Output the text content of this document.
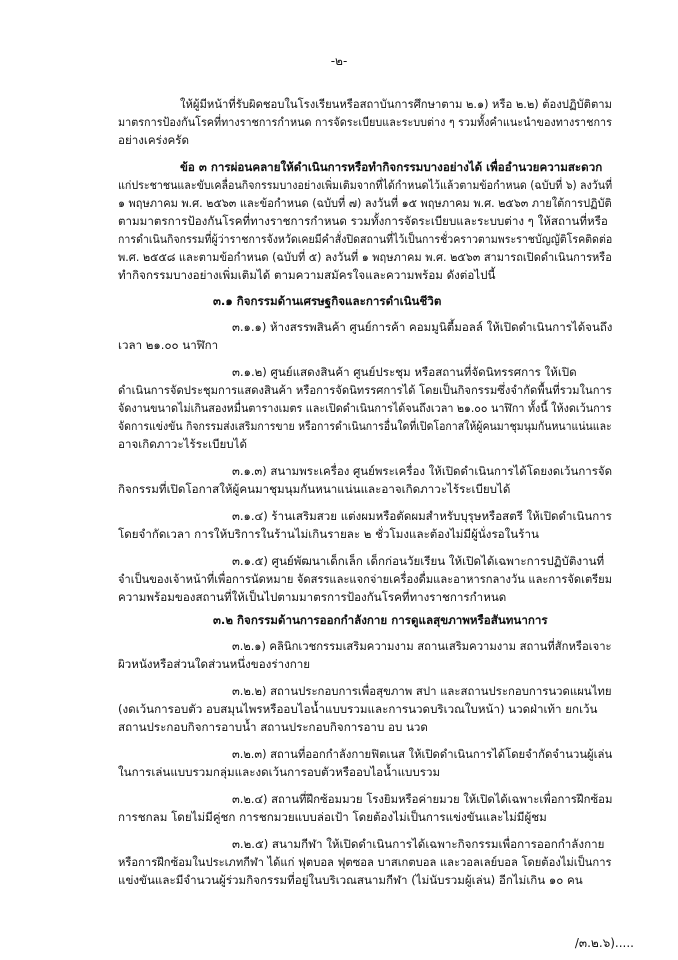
-๒-
ให้ผู้มีหน้าที่รับผิดชอบในโรงเรียนหรือสถาบันการศึกษาตาม ๒.๑) หรือ ๒.๒) ต้องปฏิบัติตาม
มาตรการป้องกันโรคที่ทางราชการกำหนด การจัดระเบียบและระบบต่าง ๆ รวมทั้งคำแนะนำของทางราชการ
อย่างเคร่งครัด
ข้อ ๓ การผ่อนคลายให้ดำเนินการหรือทำกิจกรรมบางอย่างได้ เพื่ออำนวยความสะดวก
แก่ประชาชนและขับเคลื่อนกิจกรรมบางอย่างเพิ่มเติมจากที่ได้กำหนดไว้แล้วตามข้อกำหนด (ฉบับที่ ๖) ลงวันที่
๑ พฤษภาคม พ.ศ. ๒๕๖๓ และข้อกำหนด (ฉบับที่ ๗) ลงวันที่ ๑๕ พฤษภาคม พ.ศ. ๒๕๖๓ ภายใต้การปฏิบัติ
ตามมาตรการป้องกันโรคที่ทางราชการกำหนด รวมทั้งการจัดระเบียบและระบบต่าง ๆ ให้สถานที่หรือ
การดำเนินกิจกรรมที่ผู้ว่าราชการจังหวัดเคยมีคำสั่งปิดสถานที่ไว้เป็นการชั่วคราวตามพระราชบัญญัติโรคติดต่อ
พ.ศ. ๒๕๕๘ และตามข้อกำหนด (ฉบับที่ ๕) ลงวันที่ ๑ พฤษภาคม พ.ศ. ๒๕๖๓ สามารถเปิดดำเนินการหรือ
ทำกิจกรรมบางอย่างเพิ่มเติมได้ ตามความสมัครใจและความพร้อม ดังต่อไปนี้
๓.๑ กิจกรรมด้านเศรษฐกิจและการดำเนินชีวิต
๓.๑.๑) ห้างสรรพสินค้า ศูนย์การค้า คอมมูนิตี้มอลล์ ให้เปิดดำเนินการได้จนถึง
เวลา ๒๑.๐๐ นาฬิกา
๓.๑.๒) ศูนย์แสดงสินค้า ศูนย์ประชุม หรือสถานที่จัดนิทรรศการ ให้เปิด
ดำเนินการจัดประชุมการแสดงสินค้า หรือการจัดนิทรรศการได้ โดยเป็นกิจกรรมซึ่งจำกัดพื้นที่รวมในการ
จัดงานขนาดไม่เกินสองหมื่นตารางเมตร และเปิดดำเนินการได้จนถึงเวลา ๒๑.๐๐ นาฬิกา ทั้งนี้ ให้งดเว้นการ
จัดการแข่งขัน กิจกรรมส่งเสริมการขาย หรือการดำเนินการอื่นใดที่เปิดโอกาสให้ผู้คนมาชุมนุมกันหนาแน่นและ
อาจเกิดภาวะไร้ระเบียบได้
๓.๑.๓) สนามพระเครื่อง ศูนย์พระเครื่อง ให้เปิดดำเนินการได้โดยงดเว้นการจัด
กิจกรรมที่เปิดโอกาสให้ผู้คนมาชุมนุมกันหนาแน่นและอาจเกิดภาวะไร้ระเบียบได้
๓.๑.๔) ร้านเสริมสวย แต่งผมหรือตัดผมสำหรับบุรุษหรือสตรี ให้เปิดดำเนินการ
โดยจำกัดเวลา การให้บริการในร้านไม่เกินรายละ ๒ ชั่วโมงและต้องไม่มีผู้นั่งรอในร้าน
๓.๑.๕) ศูนย์พัฒนาเด็กเล็ก เด็กก่อนวัยเรียน ให้เปิดได้เฉพาะการปฏิบัติงานที่
จำเป็นของเจ้าหน้าที่เพื่อการนัดหมาย จัดสรรและแจกจ่ายเครื่องดื่มและอาหารกลางวัน และการจัดเตรียม
ความพร้อมของสถานที่ให้เป็นไปตามมาตรการป้องกันโรคที่ทางราชการกำหนด
๓.๒ กิจกรรมด้านการออกกำลังกาย การดูแลสุขภาพหรือสันทนาการ
๓.๒.๑) คลินิกเวชกรรมเสริมความงาม สถานเสริมความงาม สถานที่สักหรือเจาะ
ผิวหนังหรือส่วนใดส่วนหนึ่งของร่างกาย
๓.๒.๒) สถานประกอบการเพื่อสุขภาพ สปา และสถานประกอบการนวดแผนไทย
(งดเว้นการอบตัว อบสมุนไพรหรืออบไอน้ำแบบรวมและการนวดบริเวณใบหน้า) นวดฝ่าเท้า ยกเว้น
สถานประกอบกิจการอาบน้ำ สถานประกอบกิจการอาบ อบ นวด
๓.๒.๓) สถานที่ออกกำลังกายฟิตเนส ให้เปิดดำเนินการได้โดยจำกัดจำนวนผู้เล่น
ในการเล่นแบบรวมกลุ่มและงดเว้นการอบตัวหรืออบไอน้ำแบบรวม
๓.๒.๔) สถานที่ฝึกซ้อมมวย โรงยิมหรือค่ายมวย ให้เปิดได้เฉพาะเพื่อการฝึกซ้อม
การชกลม โดยไม่มีคู่ชก การชกมวยแบบล่อเป้า โดยต้องไม่เป็นการแข่งขันและไม่มีผู้ชม
๓.๒.๕) สนามกีฬา ให้เปิดดำเนินการได้เฉพาะกิจกรรมเพื่อการออกกำลังกาย
หรือการฝึกซ้อมในประเภทกีฬา ได้แก่ ฟุตบอล ฟุตซอล บาสเกตบอล และวอลเลย์บอล โดยต้องไม่เป็นการ
แข่งขันและมีจำนวนผู้ร่วมกิจกรรมที่อยู่ในบริเวณสนามกีฬา (ไม่นับรวมผู้เล่น) อีกไม่เกิน ๑๐ คน
/๓.๒.๖).....
